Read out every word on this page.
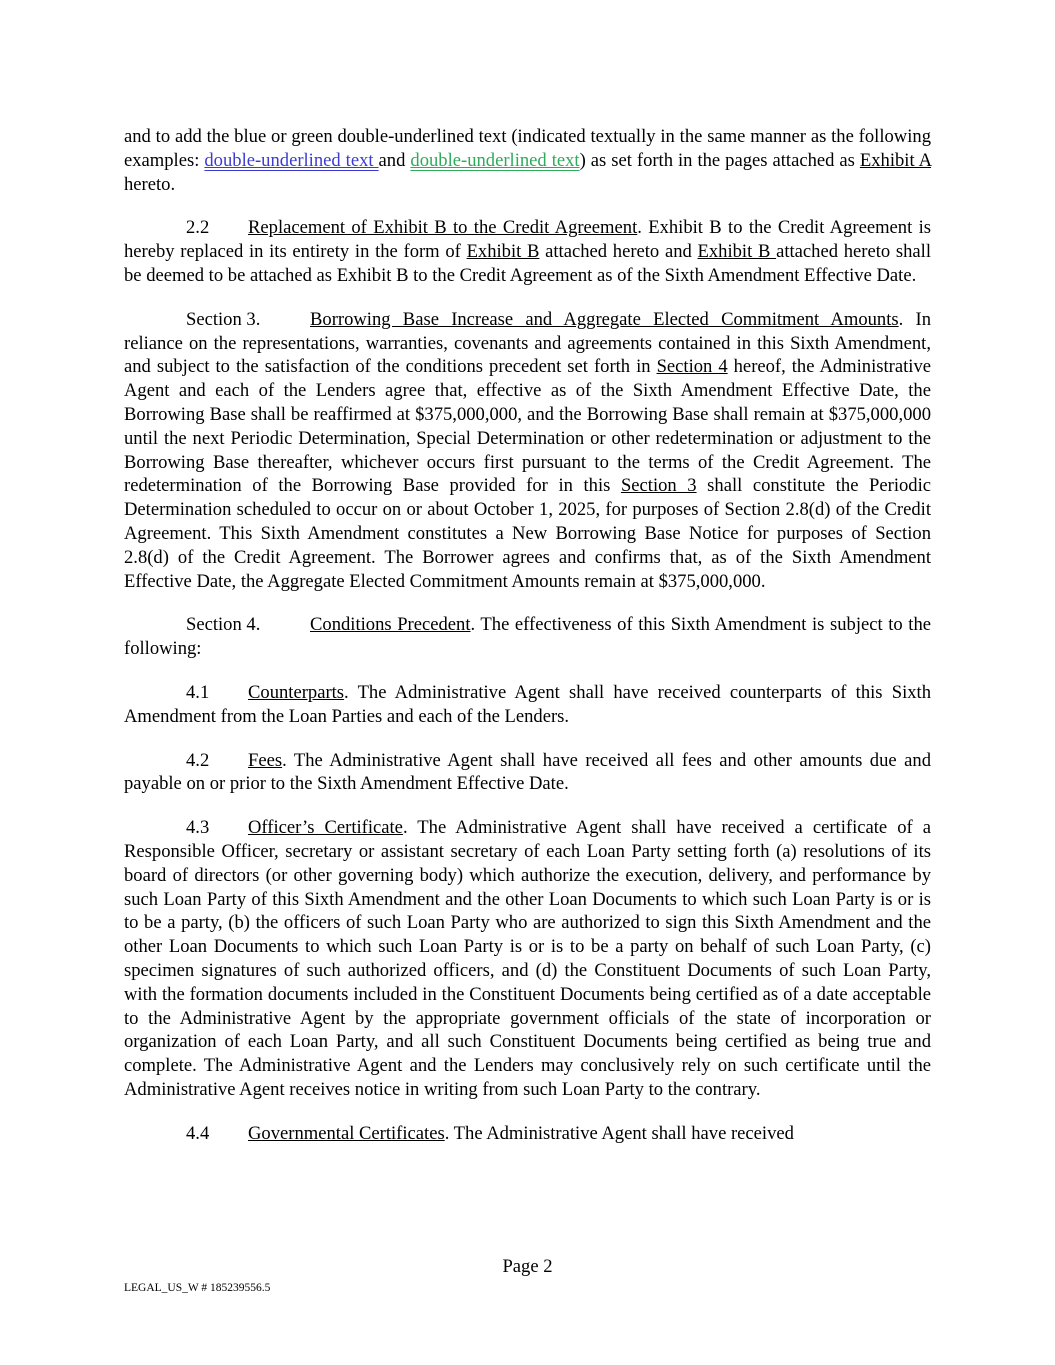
and to add the blue or green double-underlined text (indicated textually in the same manner as the following examples: double-underlined text and double-underlined text) as set forth in the pages attached as Exhibit A hereto.

2.2 Replacement of Exhibit B to the Credit Agreement. Exhibit B to the Credit Agreement is hereby replaced in its entirety in the form of Exhibit B attached hereto and Exhibit B attached hereto shall be deemed to be attached as Exhibit B to the Credit Agreement as of the Sixth Amendment Effective Date.

Section 3.	Borrowing Base Increase and Aggregate Elected Commitment Amounts. In reliance on the representations, warranties, covenants and agreements contained in this Sixth Amendment, and subject to the satisfaction of the conditions precedent set forth in Section 4 hereof, the Administrative Agent and each of the Lenders agree that, effective as of the Sixth Amendment Effective Date, the Borrowing Base shall be reaffirmed at $375,000,000, and the Borrowing Base shall remain at $375,000,000 until the next Periodic Determination, Special Determination or other redetermination or adjustment to the Borrowing Base thereafter, whichever occurs first pursuant to the terms of the Credit Agreement. The redetermination of the Borrowing Base provided for in this Section 3 shall constitute the Periodic Determination scheduled to occur on or about October 1, 2025, for purposes of Section 2.8(d) of the Credit Agreement. This Sixth Amendment constitutes a New Borrowing Base Notice for purposes of Section 2.8(d) of the Credit Agreement. The Borrower agrees and confirms that, as of the Sixth Amendment Effective Date, the Aggregate Elected Commitment Amounts remain at $375,000,000.

Section 4.	Conditions Precedent. The effectiveness of this Sixth Amendment is subject to the following:

4.1 Counterparts. The Administrative Agent shall have received counterparts of this Sixth Amendment from the Loan Parties and each of the Lenders.

4.2 Fees. The Administrative Agent shall have received all fees and other amounts due and payable on or prior to the Sixth Amendment Effective Date.

4.3 Officer’s Certificate. The Administrative Agent shall have received a certificate of a Responsible Officer, secretary or assistant secretary of each Loan Party setting forth (a) resolutions of its board of directors (or other governing body) which authorize the execution, delivery, and performance by such Loan Party of this Sixth Amendment and the other Loan Documents to which such Loan Party is or is to be a party, (b) the officers of such Loan Party who are authorized to sign this Sixth Amendment and the other Loan Documents to which such Loan Party is or is to be a party on behalf of such Loan Party, (c) specimen signatures of such authorized officers, and (d) the Constituent Documents of such Loan Party, with the formation documents included in the Constituent Documents being certified as of a date acceptable to the Administrative Agent by the appropriate government officials of the state of incorporation or organization of each Loan Party, and all such Constituent Documents being certified as being true and complete. The Administrative Agent and the Lenders may conclusively rely on such certificate until the Administrative Agent receives notice in writing from such Loan Party to the contrary.

4.4 Governmental Certificates. The Administrative Agent shall have received

Page 2
LEGAL_US_W # 185239556.5
